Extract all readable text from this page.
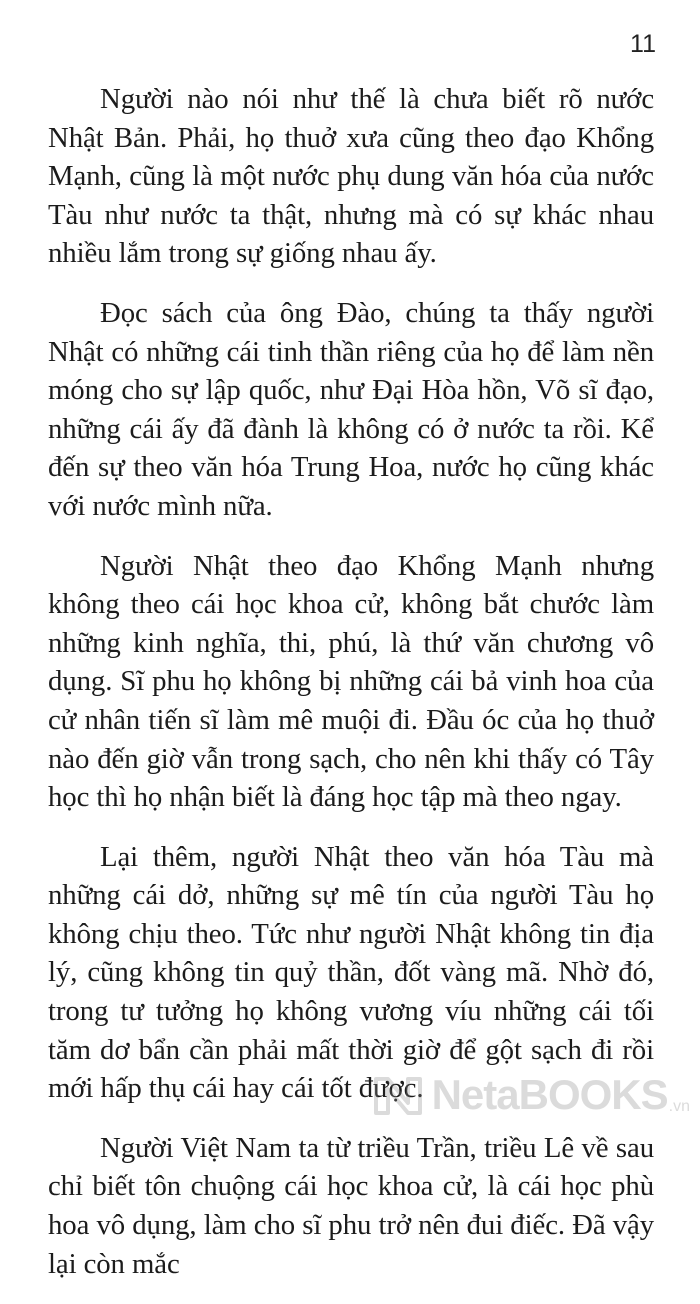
11

Người nào nói như thế là chưa biết rõ nước Nhật Bản. Phải, họ thuở xưa cũng theo đạo Khổng Mạnh, cũng là một nước phụ dung văn hóa của nước Tàu như nước ta thật, nhưng mà có sự khác nhau nhiều lắm trong sự giống nhau ấy.

Đọc sách của ông Đào, chúng ta thấy người Nhật có những cái tinh thần riêng của họ để làm nền móng cho sự lập quốc, như Đại Hòa hồn, Võ sĩ đạo, những cái ấy đã đành là không có ở nước ta rồi. Kể đến sự theo văn hóa Trung Hoa, nước họ cũng khác với nước mình nữa.

Người Nhật theo đạo Khổng Mạnh nhưng không theo cái học khoa cử, không bắt chước làm những kinh nghĩa, thi, phú, là thứ văn chương vô dụng. Sĩ phu họ không bị những cái bả vinh hoa của cử nhân tiến sĩ làm mê muội đi. Đầu óc của họ thuở nào đến giờ vẫn trong sạch, cho nên khi thấy có Tây học thì họ nhận biết là đáng học tập mà theo ngay.

Lại thêm, người Nhật theo văn hóa Tàu mà những cái dở, những sự mê tín của người Tàu họ không chịu theo. Tức như người Nhật không tin địa lý, cũng không tin quỷ thần, đốt vàng mã. Nhờ đó, trong tư tưởng họ không vương víu những cái tối tăm dơ bẩn cần phải mất thời giờ để gột sạch đi rồi mới hấp thụ cái hay cái tốt được.

Người Việt Nam ta từ triều Trần, triều Lê về sau chỉ biết tôn chuộng cái học khoa cử, là cái học phù hoa vô dụng, làm cho sĩ phu trở nên đui điếc. Đã vậy lại còn mắc

NetaBOOKS .vn
